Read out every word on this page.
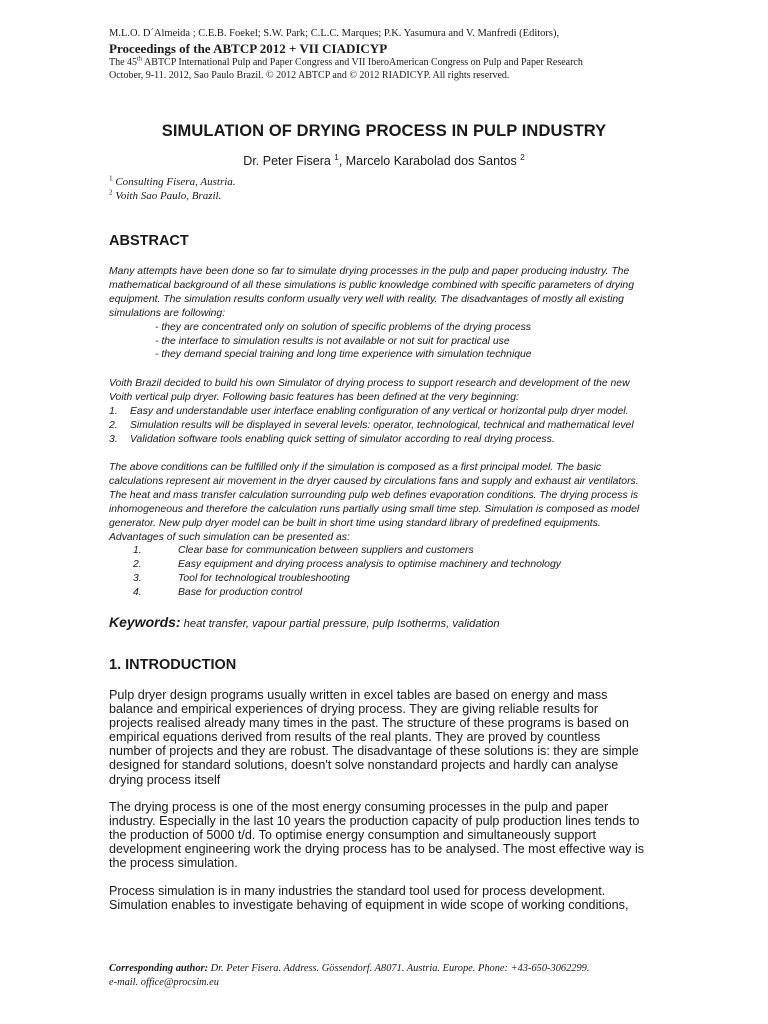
M.L.O. D´Almeida ; C.E.B. Foekel; S.W. Park; C.L.C. Marques; P.K. Yasumura and V. Manfredi (Editors),
Proceedings of the ABTCP 2012 + VII CIADICYP
The 45th ABTCP International Pulp and Paper Congress and VII IberoAmerican Congress on Pulp and Paper Research
October, 9-11. 2012, Sao Paulo Brazil. © 2012 ABTCP and © 2012 RIADICYP. All rights reserved.
SIMULATION OF DRYING PROCESS IN PULP INDUSTRY
Dr. Peter Fisera $^1$, Marcelo Karabolad dos Santos $^2$
$^1$ Consulting Fisera, Austria.
$^2$ Voith Sao Paulo, Brazil.
ABSTRACT
Many attempts have been done so far to simulate drying processes in the pulp and paper producing industry. The
mathematical background of all these simulations is public knowledge combined with specific parameters of drying
equipment. The simulation results conform usually very well with reality. The disadvantages of mostly all existing
simulations are following:
- they are concentrated only on solution of specific problems of the drying process
- the interface to simulation results is not available or not suit for practical use
- they demand special training and long time experience with simulation technique
Voith Brazil decided to build his own Simulator of drying process to support research and development of the new
Voith vertical pulp dryer. Following basic features has been defined at the very beginning:
1. Easy and understandable user interface enabling configuration of any vertical or horizontal pulp dryer model.
2. Simulation results will be displayed in several levels: operator, technological, technical and mathematical level
3. Validation software tools enabling quick setting of simulator according to real drying process.
The above conditions can be fulfilled only if the simulation is composed as a first principal model. The basic
calculations represent air movement in the dryer caused by circulations fans and supply and exhaust air ventilators.
The heat and mass transfer calculation surrounding pulp web defines evaporation conditions. The drying process is
inhomogeneous and therefore the calculation runs partially using small time step. Simulation is composed as model
generator. New pulp dryer model can be built in short time using standard library of predefined equipments.
Advantages of such simulation can be presented as:
1.	Clear base for communication between suppliers and customers
2.	Easy equipment and drying process analysis to optimise machinery and technology
3.	Tool for technological troubleshooting
4.	Base for production control
Keywords: heat transfer, vapour partial pressure, pulp Isotherms, validation
1. INTRODUCTION
Pulp dryer design programs usually written in excel tables are based on energy and mass
balance and empirical experiences of drying process. They are giving reliable results for
projects realised already many times in the past. The structure of these programs is based on
empirical equations derived from results of the real plants. They are proved by countless
number of projects and they are robust. The disadvantage of these solutions is: they are simple
designed for standard solutions, doesn't solve nonstandard projects and hardly can analyse
drying process itself
The drying process is one of the most energy consuming processes in the pulp and paper
industry. Especially in the last 10 years the production capacity of pulp production lines tends to
the production of 5000 t/d. To optimise energy consumption and simultaneously support
development engineering work the drying process has to be analysed. The most effective way is
the process simulation.
Process simulation is in many industries the standard tool used for process development.
Simulation enables to investigate behaving of equipment in wide scope of working conditions,
Corresponding author: Dr. Peter Fisera. Address. Gössendorf. A8071. Austria. Europe. Phone: +43-650-3062299.
e-mail. office@procsim.eu
